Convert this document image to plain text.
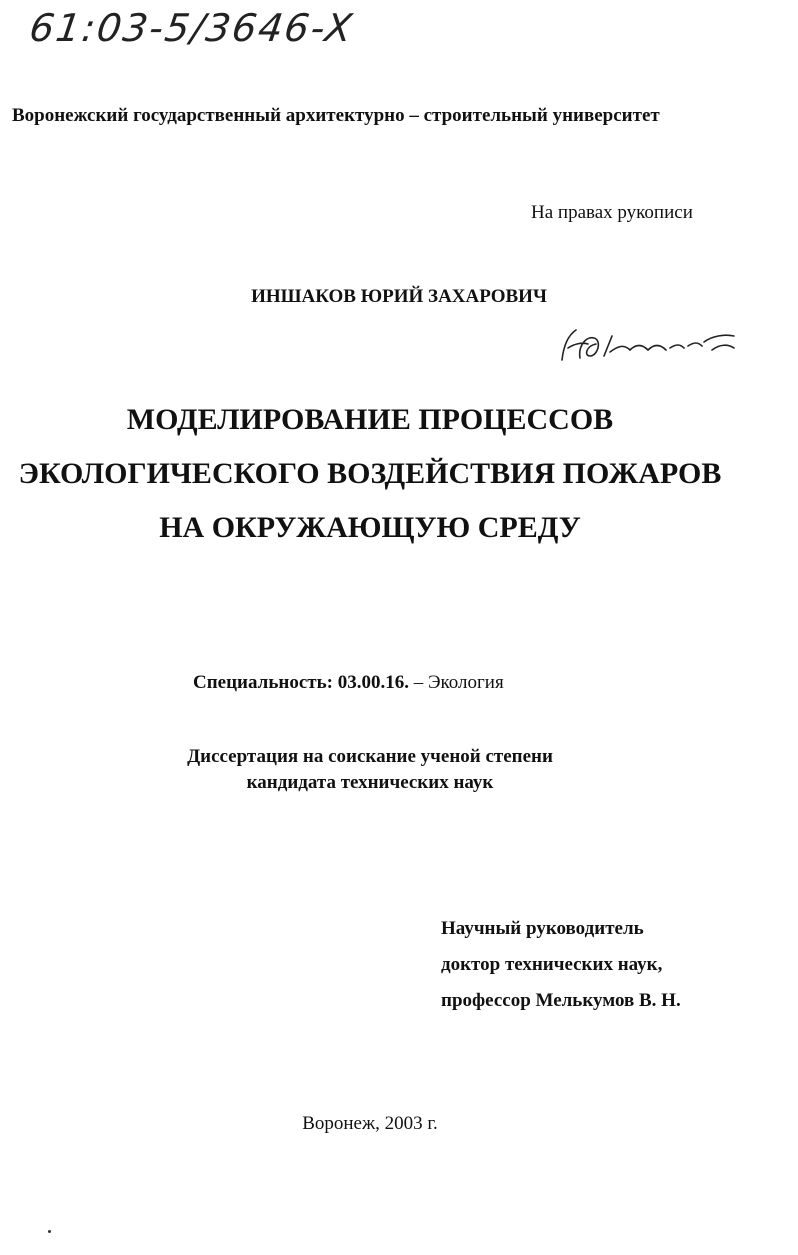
61:03-5/3646-X
Воронежский государственный архитектурно – строительный университет
На правах рукописи
ИНШАКОВ ЮРИЙ ЗАХАРОВИЧ
МОДЕЛИРОВАНИЕ ПРОЦЕССОВ
ЭКОЛОГИЧЕСКОГО ВОЗДЕЙСТВИЯ ПОЖАРОВ
НА ОКРУЖАЮЩУЮ СРЕДУ
Специальность: 03.00.16. – Экология
Диссертация на соискание ученой степени
кандидата технических наук
Научный руководитель
доктор технических наук,
профессор Мелькумов В. Н.
Воронеж, 2003 г.
